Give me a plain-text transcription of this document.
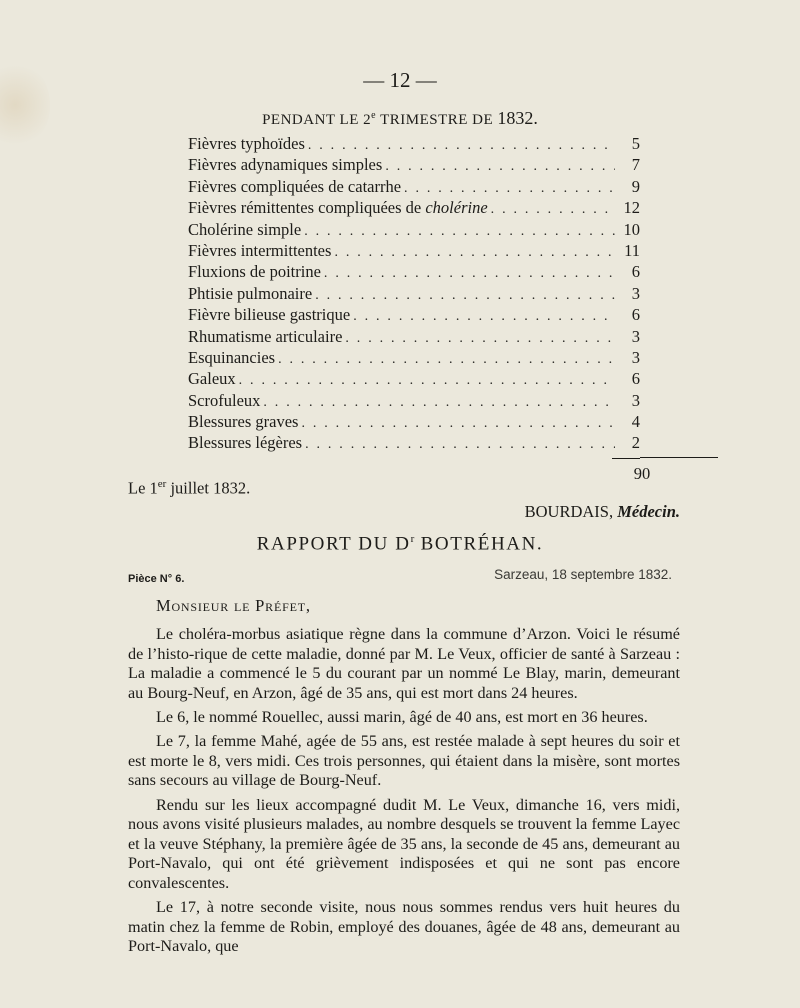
— 12 —
PENDANT LE 2e TRIMESTRE DE 1832.
Fièvres typhoïdes . . .	5
Fièvres adynamiques simples . . .	7
Fièvres compliquées de catarrhe . . .	9
Fièvres rémittentes compliquées de cholérine . . .	12
Cholérine simple . . .	10
Fièvres intermittentes . . .	11
Fluxions de poitrine . . .	6
Phtisie pulmonaire . . .	3
Fièvre bilieuse gastrique . . .	6
Rhumatisme articulaire . . .	3
Esquinancies . . .	3
Galeux . . .	6
Scrofuleux . . .	3
Blessures graves . . .	4
Blessures légères . . .	2
90
Le 1er juillet 1832.
BOURDAIS, Médecin.
RAPPORT DU $D^r$ BOTRÉHAN.
Sarzeau, 18 septembre 1832.
Pièce N° 6.
Monsieur le Préfet,

Le choléra-morbus asiatique règne dans la commune d’Arzon. Voici le résumé de l’histo-rique de cette maladie, donné par M. Le Veux, officier de santé à Sarzeau : La maladie a commencé le 5 du courant par un nommé Le Blay, marin, demeurant au Bourg-Neuf, en Arzon, âgé de 35 ans, qui est mort dans 24 heures.

Le 6, le nommé Rouellec, aussi marin, âgé de 40 ans, est mort en 36 heures.

Le 7, la femme Mahé, agée de 55 ans, est restée malade à sept heures du soir et est morte le 8, vers midi. Ces trois personnes, qui étaient dans la misère, sont mortes sans secours au village de Bourg-Neuf.

Rendu sur les lieux accompagné dudit M. Le Veux, dimanche 16, vers midi, nous avons visité plusieurs malades, au nombre desquels se trouvent la femme Layec et la veuve Stéphany, la première âgée de 35 ans, la seconde de 45 ans, demeurant au Port-Navalo, qui ont été grièvement indisposées et qui ne sont pas encore convalescentes.

Le 17, à notre seconde visite, nous nous sommes rendus vers huit heures du matin chez la femme de Robin, employé des douanes, âgée de 48 ans, demeurant au Port-Navalo, que
